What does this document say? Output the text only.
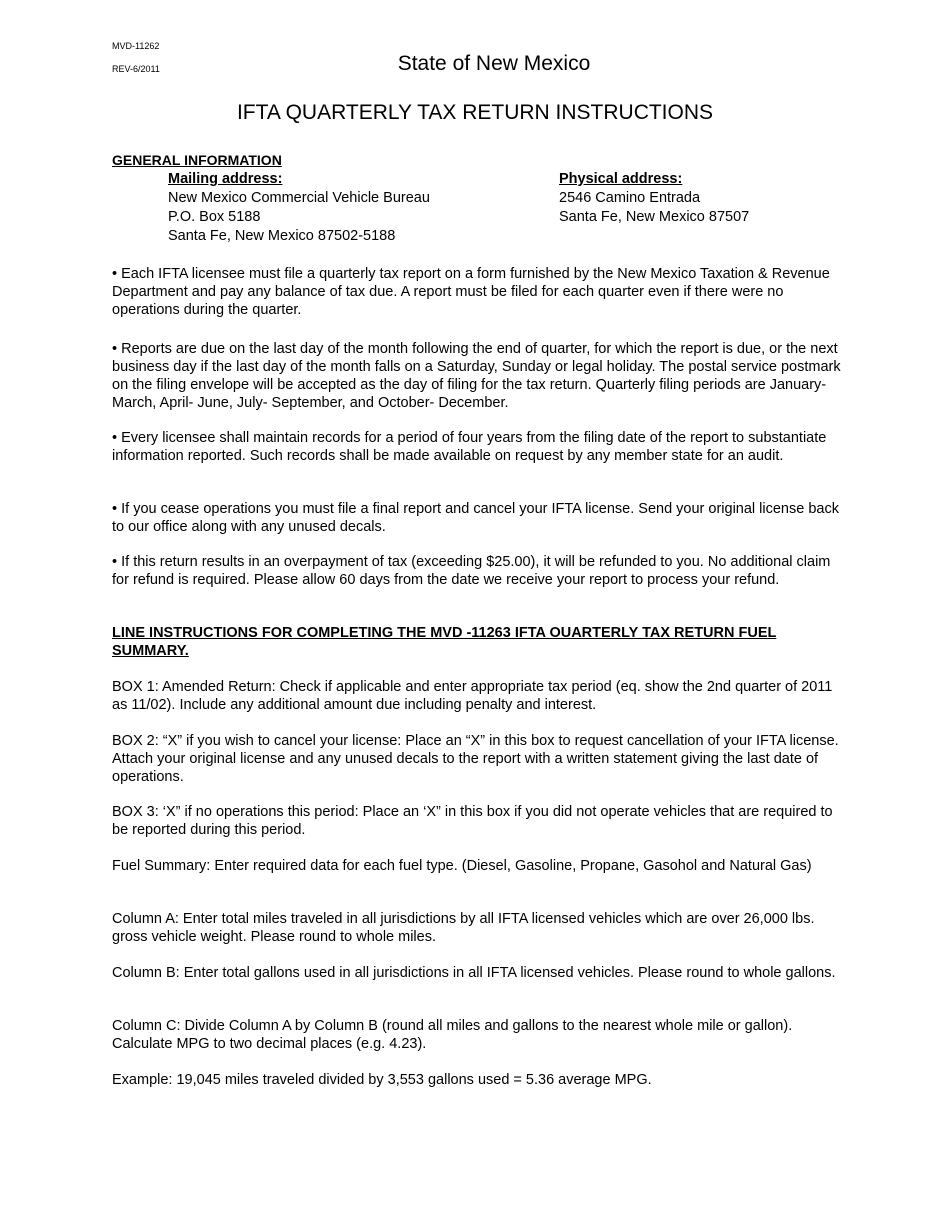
MVD-11262
REV-6/2011	State of New Mexico
IFTA QUARTERLY TAX RETURN INSTRUCTIONS
GENERAL INFORMATION
Mailing address:
New Mexico Commercial Vehicle Bureau
P.O. Box 5188
Santa Fe, New Mexico 87502-5188
Physical address:
2546 Camino Entrada
Santa Fe, New Mexico 87507

• Each IFTA licensee must file a quarterly tax report on a form furnished by the New Mexico Taxation & Revenue Department and pay any balance of tax due. A report must be filed for each quarter even if there were no operations during the quarter.

• Reports are due on the last day of the month following the end of quarter, for which the report is due, or the next business day if the last day of the month falls on a Saturday, Sunday or legal holiday. The postal service postmark on the filing envelope will be accepted as the day of filing for the tax return. Quarterly filing periods are January- March, April- June, July- September, and October- December.

• Every licensee shall maintain records for a period of four years from the filing date of the report to substantiate information reported. Such records shall be made available on request by any member state for an audit.

• If you cease operations you must file a final report and cancel your IFTA license. Send your original license back to our office along with any unused decals.

• If this return results in an overpayment of tax (exceeding $25.00), it will be refunded to you. No additional claim for refund is required. Please allow 60 days from the date we receive your report to process your refund.

LINE INSTRUCTIONS FOR COMPLETING THE MVD -11263 IFTA OUARTERLY TAX RETURN FUEL SUMMARY.

BOX 1: Amended Return: Check if applicable and enter appropriate tax period (eq. show the 2nd quarter of 2011 as 11/02). Include any additional amount due including penalty and interest.

BOX 2: “X” if you wish to cancel your license: Place an “X” in this box to request cancellation of your IFTA license. Attach your original license and any unused decals to the report with a written statement giving the last date of operations.

BOX 3: ‘X” if no operations this period: Place an ‘X” in this box if you did not operate vehicles that are required to be reported during this period.

Fuel Summary: Enter required data for each fuel type. (Diesel, Gasoline, Propane, Gasohol and Natural Gas)

Column A: Enter total miles traveled in all jurisdictions by all IFTA licensed vehicles which are over 26,000 lbs. gross vehicle weight. Please round to whole miles.

Column B: Enter total gallons used in all jurisdictions in all IFTA licensed vehicles. Please round to whole gallons.

Column C: Divide Column A by Column B (round all miles and gallons to the nearest whole mile or gallon). Calculate MPG to two decimal places (e.g. 4.23).

Example: 19,045 miles traveled divided by 3,553 gallons used = 5.36 average MPG.
